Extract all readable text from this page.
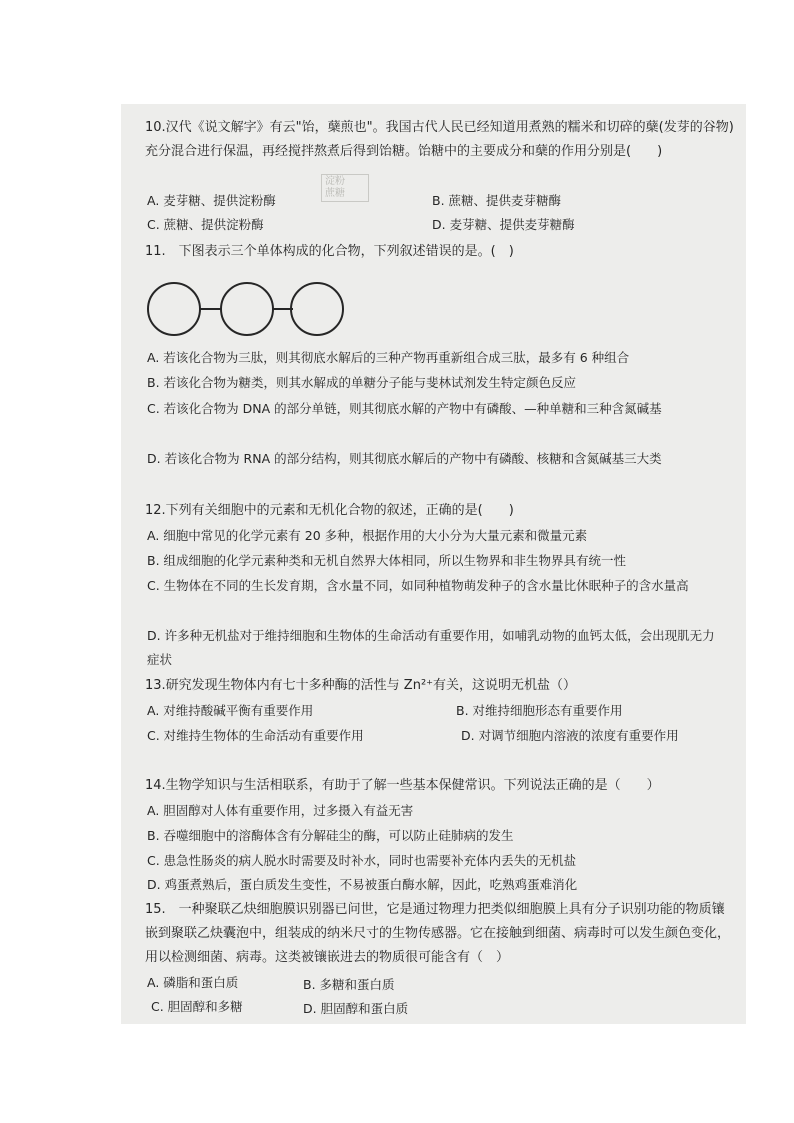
淀粉
蔗糖

10.汉代《说文解字》有云"饴，蘖煎也"。我国古代人民已经知道用煮熟的糯米和切碎的蘖(发芽的谷物)充分混合进行保温，再经搅拌熬煮后得到饴糖。饴糖中的主要成分和蘖的作用分别是(　　)

A. 麦芽糖、提供淀粉酶	B. 蔗糖、提供麦芽糖酶

C. 蔗糖、提供淀粉酶	D. 麦芽糖、提供麦芽糖酶

11.　下图表示三个单体构成的化合物，下列叙述错误的是。(　)

A. 若该化合物为三肽，则其彻底水解后的三种产物再重新组合成三肽，最多有 6 种组合

B. 若该化合物为糖类，则其水解成的单糖分子能与斐林试剂发生特定颜色反应

C. 若该化合物为 DNA 的部分单链，则其彻底水解的产物中有磷酸、—种单糖和三种含氮碱基

D. 若该化合物为 RNA 的部分结构，则其彻底水解后的产物中有磷酸、核糖和含氮碱基三大类

12.下列有关细胞中的元素和无机化合物的叙述，正确的是(　　)

A. 细胞中常见的化学元素有 20 多种，根据作用的大小分为大量元素和微量元素

B. 组成细胞的化学元素种类和无机自然界大体相同，所以生物界和非生物界具有统一性

C. 生物体在不同的生长发育期，含水量不同，如同种植物萌发种子的含水量比休眠种子的含水量高

D. 许多种无机盐对于维持细胞和生物体的生命活动有重要作用，如哺乳动物的血钙太低，会出现肌无力症状

13.研究发现生物体内有七十多种酶的活性与 Zn²⁺有关，这说明无机盐（）

A. 对维持酸碱平衡有重要作用	B. 对维持细胞形态有重要作用

C. 对维持生物体的生命活动有重要作用	D. 对调节细胞内溶液的浓度有重要作用

14.生物学知识与生活相联系，有助于了解一些基本保健常识。下列说法正确的是（　　）

A. 胆固醇对人体有重要作用，过多摄入有益无害

B. 吞噬细胞中的溶酶体含有分解硅尘的酶，可以防止硅肺病的发生

C. 患急性肠炎的病人脱水时需要及时补水，同时也需要补充体内丢失的无机盐

D. 鸡蛋煮熟后，蛋白质发生变性，不易被蛋白酶水解，因此，吃熟鸡蛋难消化

15.　一种聚联乙炔细胞膜识别器已问世，它是通过物理力把类似细胞膜上具有分子识别功能的物质镶嵌到聚联乙炔囊泡中，组装成的纳米尺寸的生物传感器。它在接触到细菌、病毒时可以发生颜色变化，用以检测细菌、病毒。这类被镶嵌进去的物质很可能含有（　）

A. 磷脂和蛋白质	B. 多糖和蛋白质

C. 胆固醇和多糖	D. 胆固醇和蛋白质
